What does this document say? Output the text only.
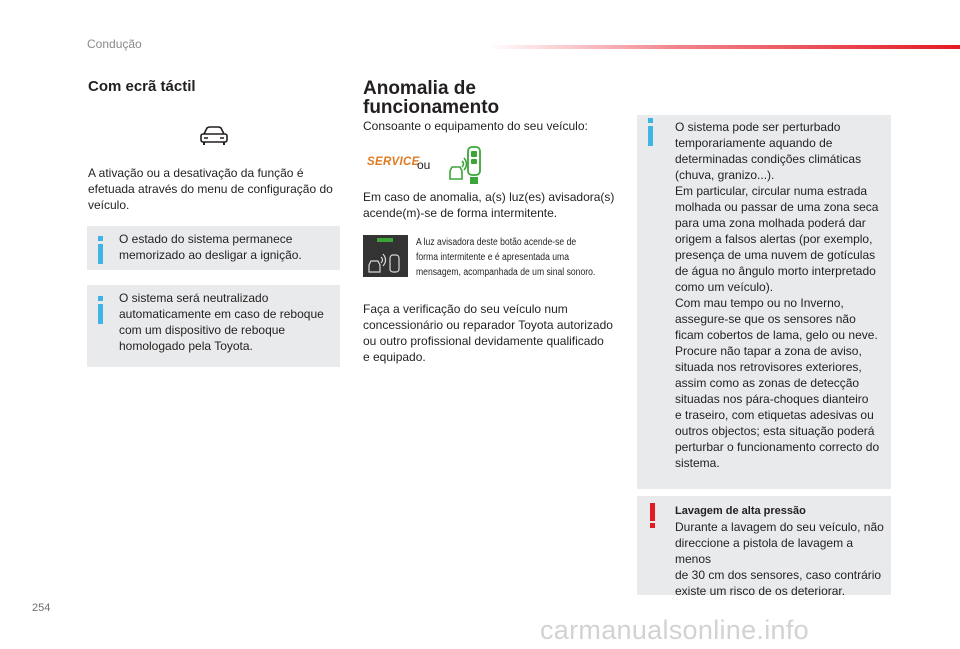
Condução
Com ecrã táctil
A ativação ou a desativação da função é
efetuada através do menu de configuração do
veículo.
O estado do sistema permanece
memorizado ao desligar a ignição.
O sistema será neutralizado
automaticamente em caso de reboque
com um dispositivo de reboque
homologado pela Toyota.
Anomalia de
funcionamento
Consoante o equipamento do seu veículo:
SERVICE
ou
Em caso de anomalia, a(s) luz(es) avisadora(s)
acende(m)-se de forma intermitente.
A luz avisadora deste botão acende-se de
forma intermitente e é apresentada uma
mensagem, acompanhada de um sinal sonoro.
Faça a verificação do seu veículo num
concessionário ou reparador Toyota autorizado
ou outro profissional devidamente qualificado
e equipado.
O sistema pode ser perturbado
temporariamente aquando de
determinadas condições climáticas
(chuva, granizo...).
Em particular, circular numa estrada
molhada ou passar de uma zona seca
para uma zona molhada poderá dar
origem a falsos alertas (por exemplo,
presença de uma nuvem de gotículas
de água no ângulo morto interpretado
como um veículo).
Com mau tempo ou no Inverno,
assegure-se que os sensores não
ficam cobertos de lama, gelo ou neve.
Procure não tapar a zona de aviso,
situada nos retrovisores exteriores,
assim como as zonas de detecção
situadas nos pára-choques dianteiro
e traseiro, com etiquetas adesivas ou
outros objectos; esta situação poderá
perturbar o funcionamento correcto do
sistema.
Lavagem de alta pressão
Durante a lavagem do seu veículo, não
direccione a pistola de lavagem a menos
de 30 cm dos sensores, caso contrário
existe um risco de os deteriorar.
254
carmanualsonline.info
